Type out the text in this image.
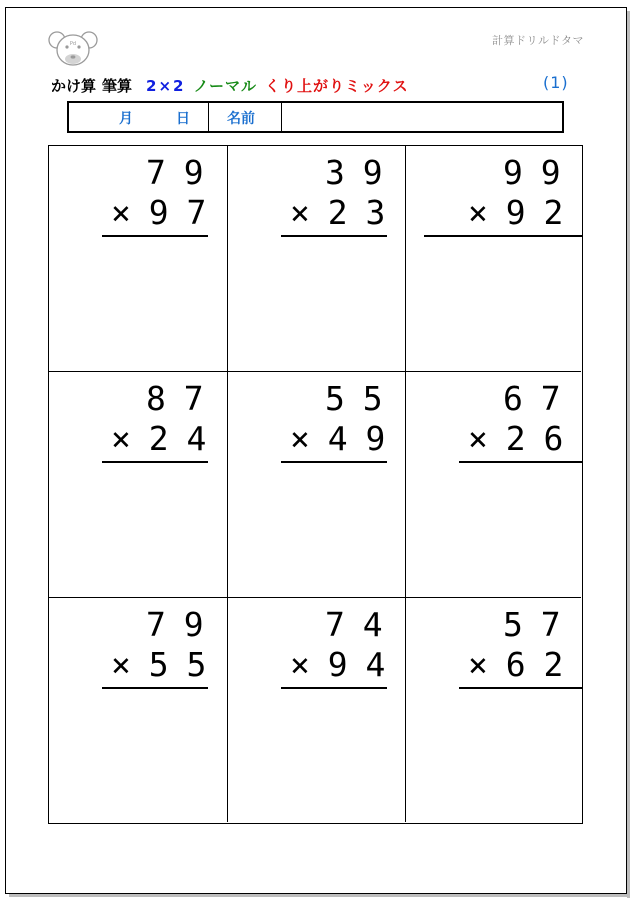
Pd	計算ドリルドタマ
かけ算 筆算 2×2 ノーマル くり上がりミックス	(1)
月	日	名前
7 9
× 9 7
3 9
× 2 3
9 9
× 9 2
8 7
× 2 4
5 5
× 4 9
6 7
× 2 6
7 9
× 5 5
7 4
× 9 4
5 7
× 6 2
